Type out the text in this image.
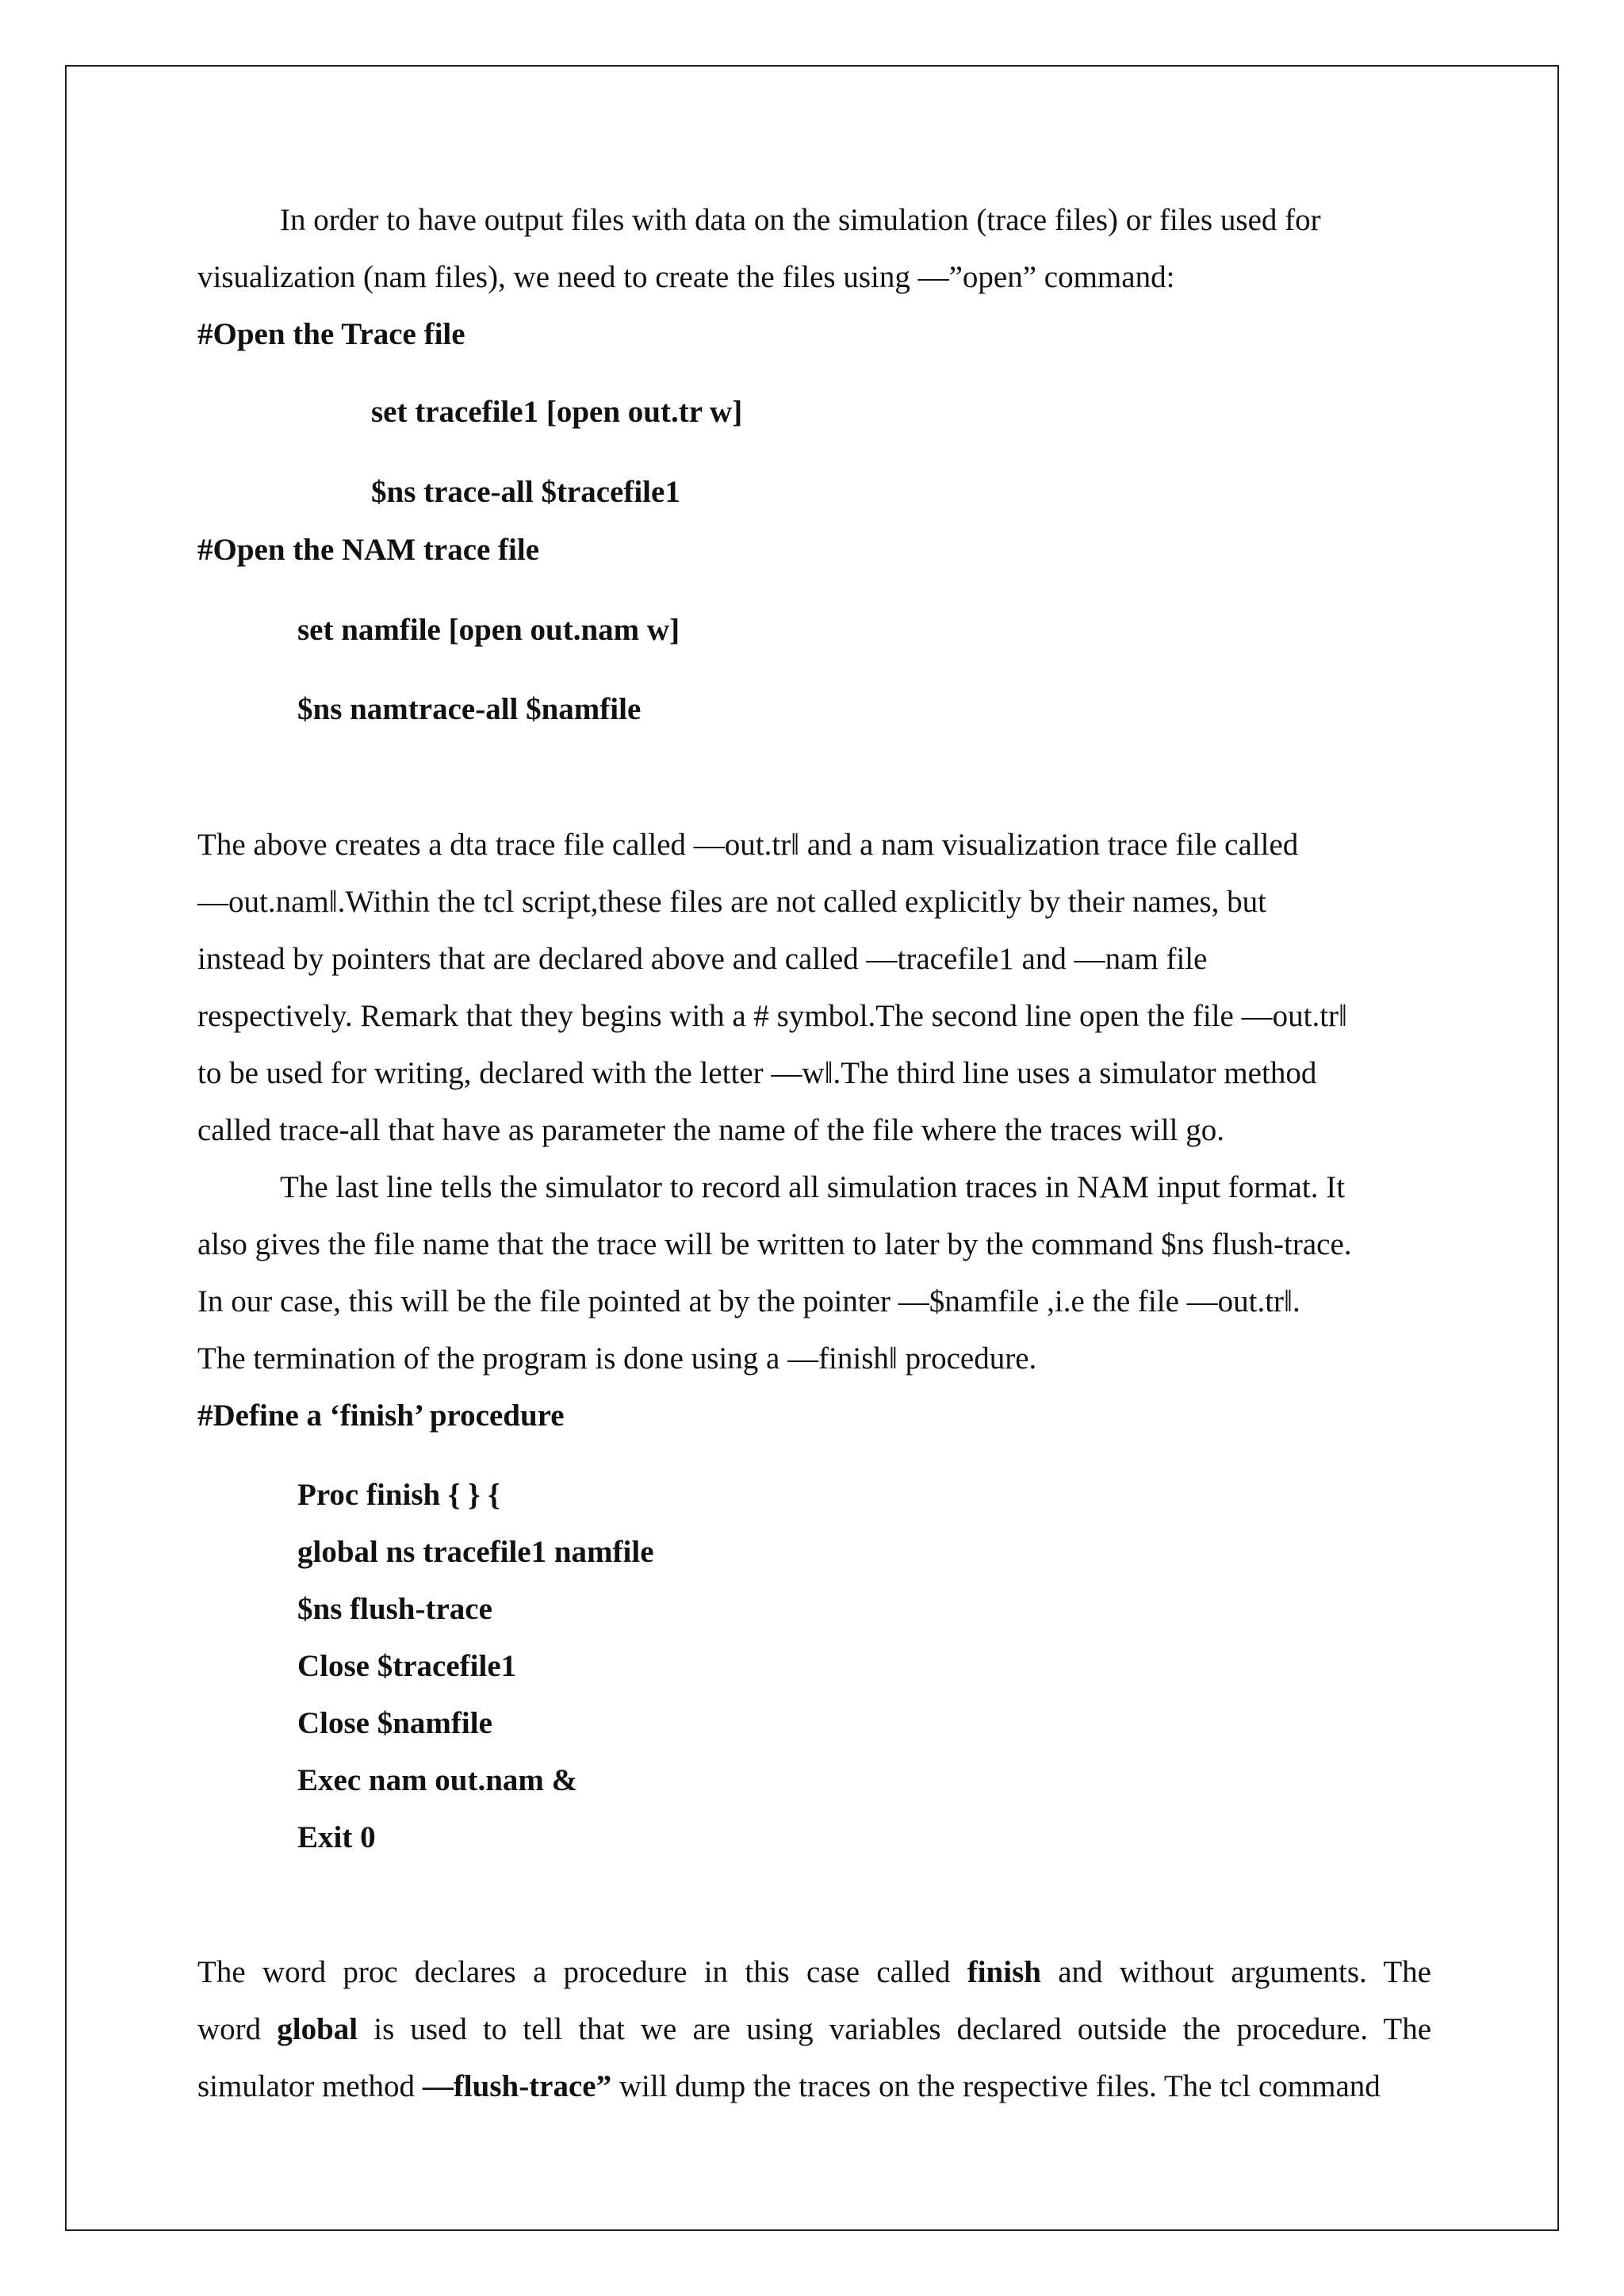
In order to have output files with data on the simulation (trace files) or files used for
visualization (nam files), we need to create the files using ―”open” command:
#Open the Trace file
set tracefile1 [open out.tr w]
$ns trace-all $tracefile1
#Open the NAM trace file
set namfile [open out.nam w]
$ns namtrace-all $namfile
The above creates a dta trace file called ―out.tr‖ and a nam visualization trace file called
―out.nam‖.Within the tcl script,these files are not called explicitly by their names, but
instead by pointers that are declared above and called ―tracefile1 and ―nam file
respectively. Remark that they begins with a # symbol.The second line open the file ―out.tr‖
to be used for writing, declared with the letter ―w‖.The third line uses a simulator method
called trace-all that have as parameter the name of the file where the traces will go.
The last line tells the simulator to record all simulation traces in NAM input format. It
also gives the file name that the trace will be written to later by the command $ns flush-trace.
In our case, this will be the file pointed at by the pointer ―$namfile ,i.e the file ―out.tr‖.
The termination of the program is done using a ―finish‖ procedure.
#Define a ‘finish’ procedure
Proc finish { } {
global ns tracefile1 namfile
$ns flush-trace
Close $tracefile1
Close $namfile
Exec nam out.nam &
Exit 0
The word proc declares a procedure in this case called finish and without arguments. The
word global is used to tell that we are using variables declared outside the procedure. The
simulator method ―flush-trace” will dump the traces on the respective files. The tcl command
